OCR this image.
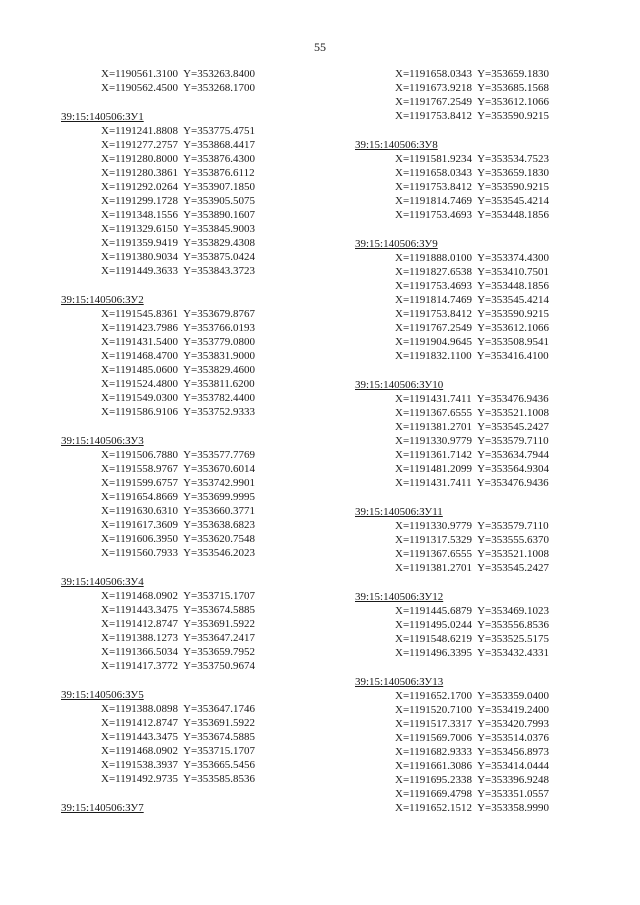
55
X=1190561.3100 Y=353263.8400
X=1190562.4500 Y=353268.1700
39:15:140506:ЗУ1
X=1191241.8808 Y=353775.4751
X=1191277.2757 Y=353868.4417
X=1191280.8000 Y=353876.4300
X=1191280.3861 Y=353876.6112
X=1191292.0264 Y=353907.1850
X=1191299.1728 Y=353905.5075
X=1191348.1556 Y=353890.1607
X=1191329.6150 Y=353845.9003
X=1191359.9419 Y=353829.4308
X=1191380.9034 Y=353875.0424
X=1191449.3633 Y=353843.3723
39:15:140506:ЗУ2
X=1191545.8361 Y=353679.8767
X=1191423.7986 Y=353766.0193
X=1191431.5400 Y=353779.0800
X=1191468.4700 Y=353831.9000
X=1191485.0600 Y=353829.4600
X=1191524.4800 Y=353811.6200
X=1191549.0300 Y=353782.4400
X=1191586.9106 Y=353752.9333
39:15:140506:ЗУ3
X=1191506.7880 Y=353577.7769
X=1191558.9767 Y=353670.6014
X=1191599.6757 Y=353742.9901
X=1191654.8669 Y=353699.9995
X=1191630.6310 Y=353660.3771
X=1191617.3609 Y=353638.6823
X=1191606.3950 Y=353620.7548
X=1191560.7933 Y=353546.2023
39:15:140506:ЗУ4
X=1191468.0902 Y=353715.1707
X=1191443.3475 Y=353674.5885
X=1191412.8747 Y=353691.5922
X=1191388.1273 Y=353647.2417
X=1191366.5034 Y=353659.7952
X=1191417.3772 Y=353750.9674
39:15:140506:ЗУ5
X=1191388.0898 Y=353647.1746
X=1191412.8747 Y=353691.5922
X=1191443.3475 Y=353674.5885
X=1191468.0902 Y=353715.1707
X=1191538.3937 Y=353665.5456
X=1191492.9735 Y=353585.8536
39:15:140506:ЗУ7
X=1191658.0343 Y=353659.1830
X=1191673.9218 Y=353685.1568
X=1191767.2549 Y=353612.1066
X=1191753.8412 Y=353590.9215
39:15:140506:ЗУ8
X=1191581.9234 Y=353534.7523
X=1191658.0343 Y=353659.1830
X=1191753.8412 Y=353590.9215
X=1191814.7469 Y=353545.4214
X=1191753.4693 Y=353448.1856
39:15:140506:ЗУ9
X=1191888.0100 Y=353374.4300
X=1191827.6538 Y=353410.7501
X=1191753.4693 Y=353448.1856
X=1191814.7469 Y=353545.4214
X=1191753.8412 Y=353590.9215
X=1191767.2549 Y=353612.1066
X=1191904.9645 Y=353508.9541
X=1191832.1100 Y=353416.4100
39:15:140506:ЗУ10
X=1191431.7411 Y=353476.9436
X=1191367.6555 Y=353521.1008
X=1191381.2701 Y=353545.2427
X=1191330.9779 Y=353579.7110
X=1191361.7142 Y=353634.7944
X=1191481.2099 Y=353564.9304
X=1191431.7411 Y=353476.9436
39:15:140506:ЗУ11
X=1191330.9779 Y=353579.7110
X=1191317.5329 Y=353555.6370
X=1191367.6555 Y=353521.1008
X=1191381.2701 Y=353545.2427
39:15:140506:ЗУ12
X=1191445.6879 Y=353469.1023
X=1191495.0244 Y=353556.8536
X=1191548.6219 Y=353525.5175
X=1191496.3395 Y=353432.4331
39:15:140506:ЗУ13
X=1191652.1700 Y=353359.0400
X=1191520.7100 Y=353419.2400
X=1191517.3317 Y=353420.7993
X=1191569.7006 Y=353514.0376
X=1191682.9333 Y=353456.8973
X=1191661.3086 Y=353414.0444
X=1191695.2338 Y=353396.9248
X=1191669.4798 Y=353351.0557
X=1191652.1512 Y=353358.9990
